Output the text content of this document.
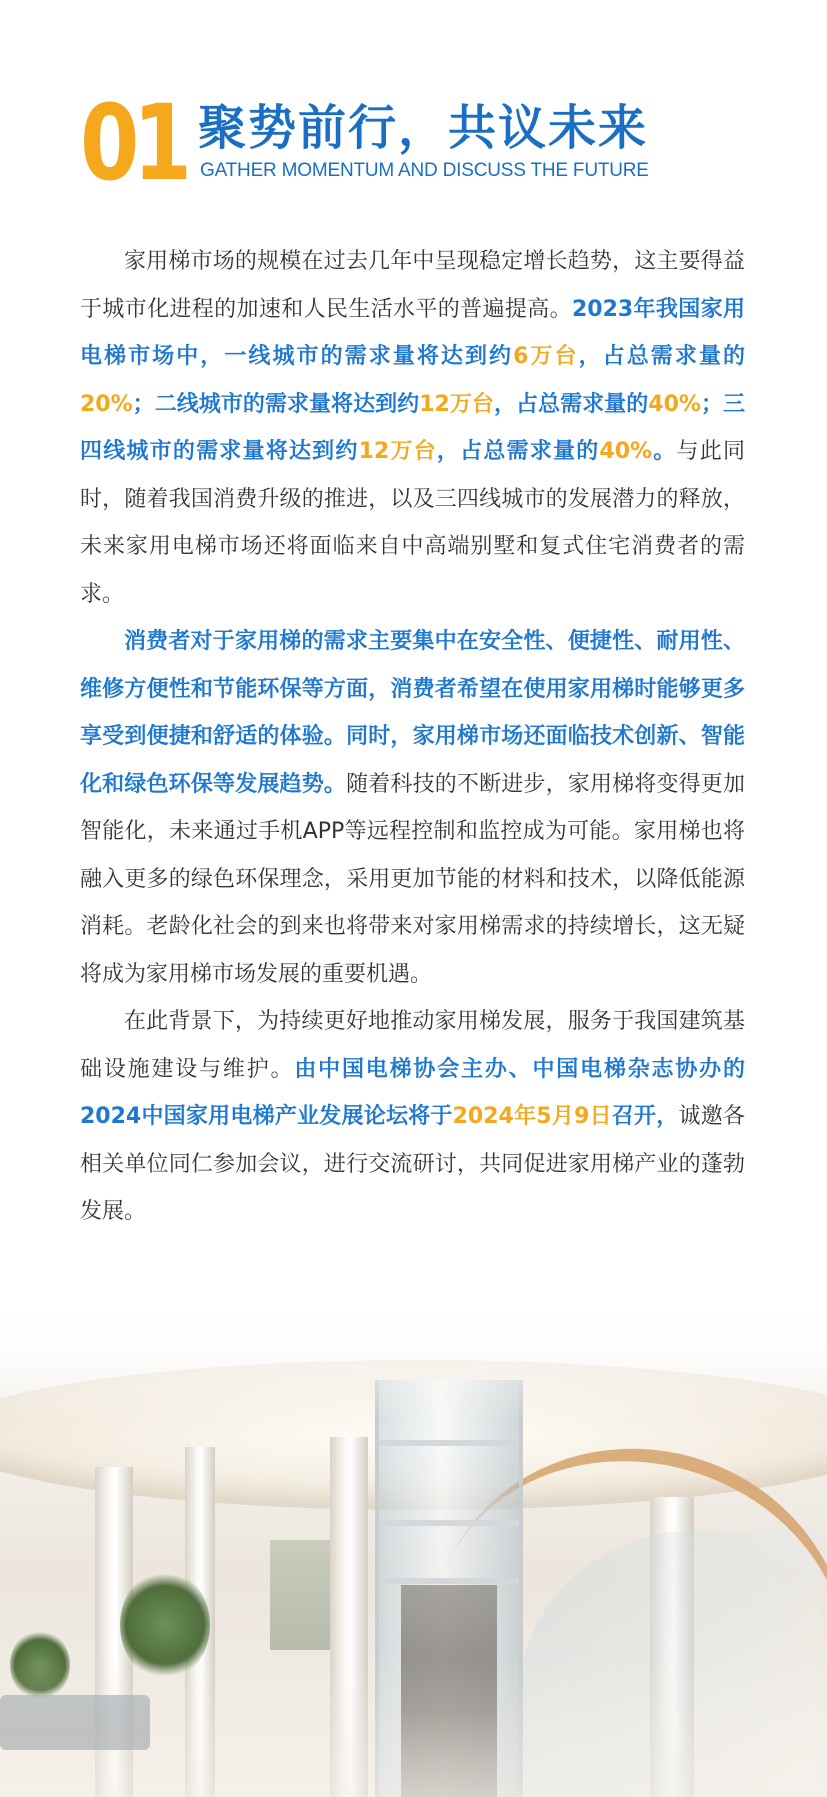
01 聚势前行，共议未来
GATHER MOMENTUM AND DISCUSS THE FUTURE

家用梯市场的规模在过去几年中呈现稳定增长趋势，这主要得益于城市化进程的加速和人民生活水平的普遍提高。2023年我国家用电梯市场中，一线城市的需求量将达到约6万台，占总需求量的20%；二线城市的需求量将达到约12万台，占总需求量的40%；三四线城市的需求量将达到约12万台，占总需求量的40%。与此同时，随着我国消费升级的推进，以及三四线城市的发展潜力的释放，未来家用电梯市场还将面临来自中高端别墅和复式住宅消费者的需求。

消费者对于家用梯的需求主要集中在安全性、便捷性、耐用性、维修方便性和节能环保等方面，消费者希望在使用家用梯时能够更多享受到便捷和舒适的体验。同时，家用梯市场还面临技术创新、智能化和绿色环保等发展趋势。随着科技的不断进步，家用梯将变得更加智能化，未来通过手机APP等远程控制和监控成为可能。家用梯也将融入更多的绿色环保理念，采用更加节能的材料和技术，以降低能源消耗。老龄化社会的到来也将带来对家用梯需求的持续增长，这无疑将成为家用梯市场发展的重要机遇。

在此背景下，为持续更好地推动家用梯发展，服务于我国建筑基础设施建设与维护。由中国电梯协会主办、中国电梯杂志协办的2024中国家用电梯产业发展论坛将于2024年5月9日召开，诚邀各相关单位同仁参加会议，进行交流研讨，共同促进家用梯产业的蓬勃发展。
